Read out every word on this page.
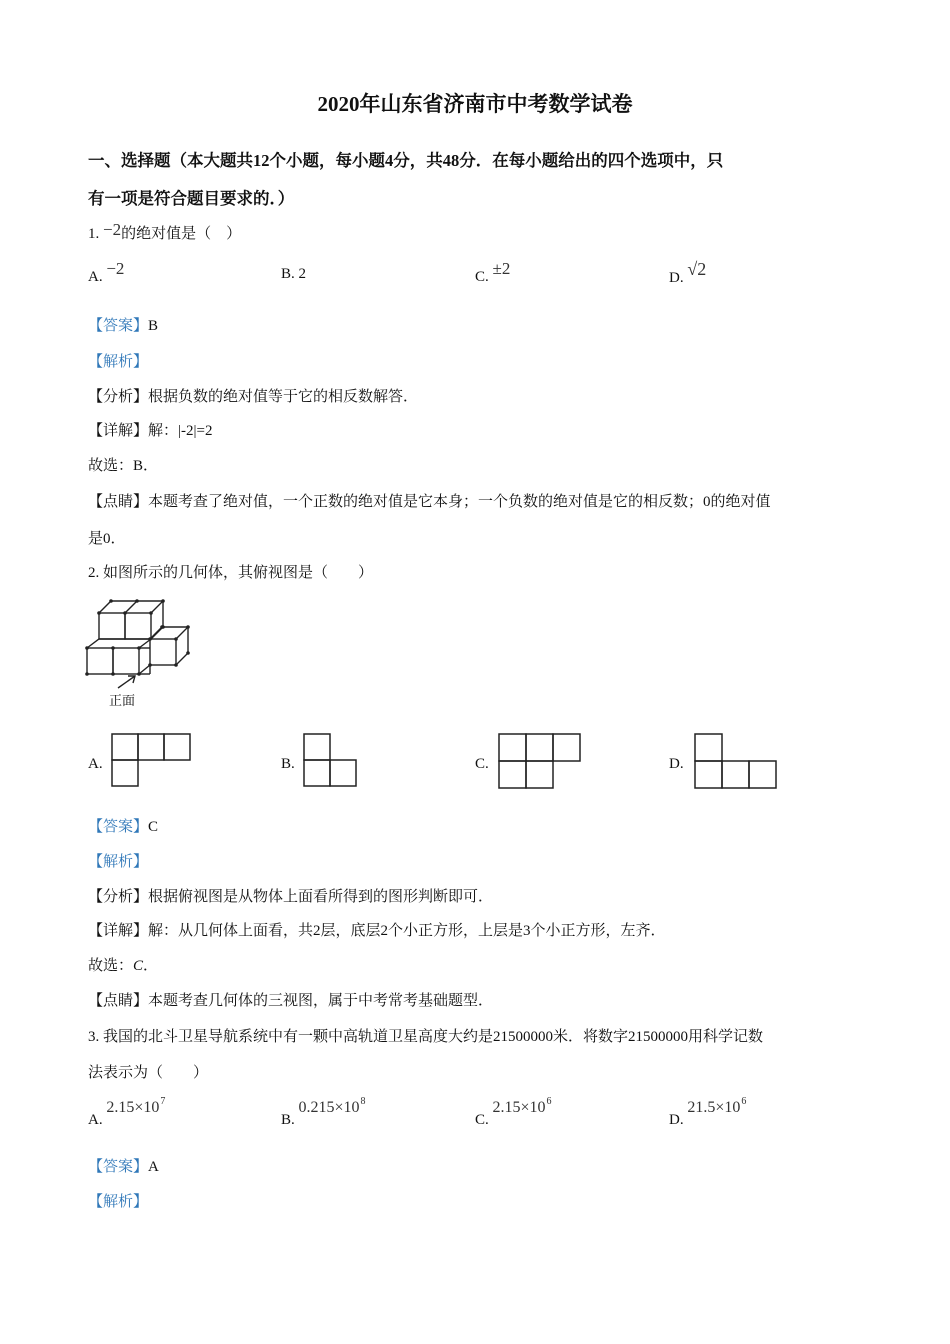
2020年山东省济南市中考数学试卷
一、选择题（本大题共12个小题，每小题4分，共48分．在每小题给出的四个选项中，只
有一项是符合题目要求的．）
1. −2的绝对值是（　）
A. −2	B. 2	C. ±2	D. √2
【答案】B
【解析】
【分析】根据负数的绝对值等于它的相反数解答．
【详解】解：|-2|=2
故选：B．
【点睛】本题考查了绝对值，一个正数的绝对值是它本身；一个负数的绝对值是它的相反数；0的绝对值
是0．
2. 如图所示的几何体，其俯视图是（　　）
正面
A.	B.	C.	D.
【答案】C
【解析】
【分析】根据俯视图是从物体上面看所得到的图形判断即可．
【详解】解：从几何体上面看，共2层，底层2个小正方形，上层是3个小正方形，左齐．
故选：C．
【点睛】本题考查几何体的三视图，属于中考常考基础题型．
3. 我国的北斗卫星导航系统中有一颗中高轨道卫星高度大约是21500000米．将数字21500000用科学记数
法表示为（　　）
A. $2.15\times 10^7$
B. $0.215\times 10^8$
C. $2.15\times 10^6$
D. $21.5\times 10^6$
【答案】A
【解析】
